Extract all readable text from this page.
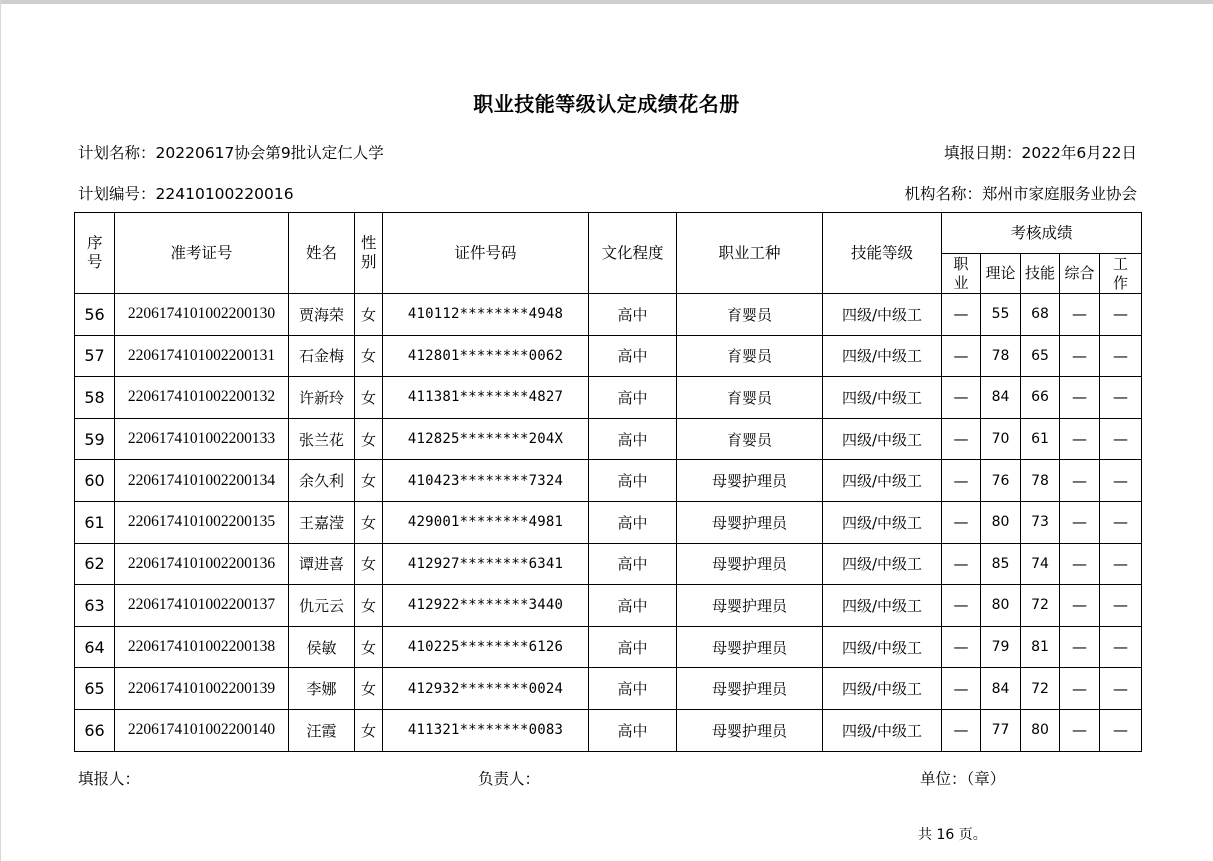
职业技能等级认定成绩花名册
计划名称：20220617协会第9批认定仁人学	填报日期：2022年6月22日
计划编号：22410100220016	机构名称：郑州市家庭服务业协会
序号	准考证号	姓名	性别	证件号码	文化程度	职业工种	技能等级	考核成绩				
								职业	理论	技能	综合	工作
56	2206174101002200130	贾海荣	女	410112********4948	高中	育婴员	四级/中级工	—	55	68	—	—
57	2206174101002200131	石金梅	女	412801********0062	高中	育婴员	四级/中级工	—	78	65	—	—
58	2206174101002200132	许新玲	女	411381********4827	高中	育婴员	四级/中级工	—	84	66	—	—
59	2206174101002200133	张兰花	女	412825********204X	高中	育婴员	四级/中级工	—	70	61	—	—
60	2206174101002200134	余久利	女	410423********7324	高中	母婴护理员	四级/中级工	—	76	78	—	—
61	2206174101002200135	王嘉滢	女	429001********4981	高中	母婴护理员	四级/中级工	—	80	73	—	—
62	2206174101002200136	谭进喜	女	412927********6341	高中	母婴护理员	四级/中级工	—	85	74	—	—
63	2206174101002200137	仇元云	女	412922********3440	高中	母婴护理员	四级/中级工	—	80	72	—	—
64	2206174101002200138	侯敏	女	410225********6126	高中	母婴护理员	四级/中级工	—	79	81	—	—
65	2206174101002200139	李娜	女	412932********0024	高中	母婴护理员	四级/中级工	—	84	72	—	—
66	2206174101002200140	汪霞	女	411321********0083	高中	母婴护理员	四级/中级工	—	77	80	—	—
填报人：	负责人：	单位：（章）
共 16 页。
